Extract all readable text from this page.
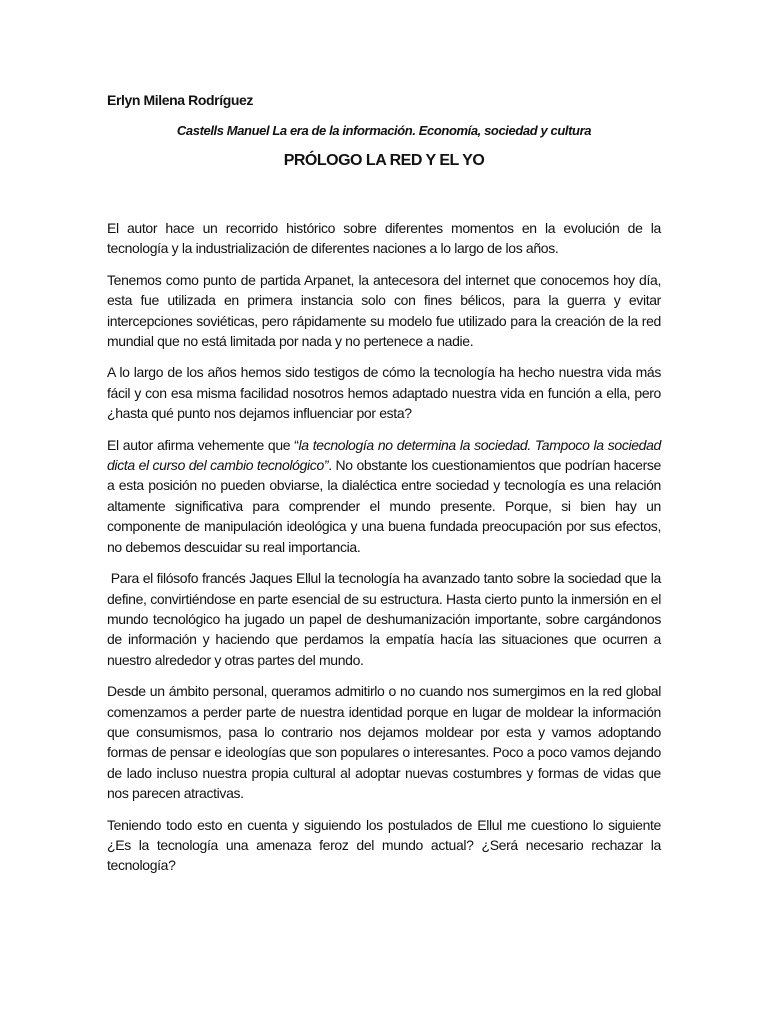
Erlyn Milena Rodríguez
Castells Manuel La era de la información. Economía, sociedad y cultura
PRÓLOGO LA RED Y EL YO

El autor hace un recorrido histórico sobre diferentes momentos en la evolución de la tecnología y la industrialización de diferentes naciones a lo largo de los años.

Tenemos como punto de partida Arpanet, la antecesora del internet que conocemos hoy día, esta fue utilizada en primera instancia solo con fines bélicos, para la guerra y evitar intercepciones soviéticas, pero rápidamente su modelo fue utilizado para la creación de la red mundial que no está limitada por nada y no pertenece a nadie.

A lo largo de los años hemos sido testigos de cómo la tecnología ha hecho nuestra vida más fácil y con esa misma facilidad nosotros hemos adaptado nuestra vida en función a ella, pero ¿hasta qué punto nos dejamos influenciar por esta?

El autor afirma vehemente que “la tecnología no determina la sociedad. Tampoco la sociedad dicta el curso del cambio tecnológico”. No obstante los cuestionamientos que podrían hacerse a esta posición no pueden obviarse, la dialéctica entre sociedad y tecnología es una relación altamente significativa para comprender el mundo presente. Porque, si bien hay un componente de manipulación ideológica y una buena fundada preocupación por sus efectos, no debemos descuidar su real importancia.

Para el filósofo francés Jaques Ellul la tecnología ha avanzado tanto sobre la sociedad que la define, convirtiéndose en parte esencial de su estructura. Hasta cierto punto la inmersión en el mundo tecnológico ha jugado un papel de deshumanización importante, sobre cargándonos de información y haciendo que perdamos la empatía hacía las situaciones que ocurren a nuestro alrededor y otras partes del mundo.

Desde un ámbito personal, queramos admitirlo o no cuando nos sumergimos en la red global comenzamos a perder parte de nuestra identidad porque en lugar de moldear la información que consumismos, pasa lo contrario nos dejamos moldear por esta y vamos adoptando formas de pensar e ideologías que son populares o interesantes. Poco a poco vamos dejando de lado incluso nuestra propia cultural al adoptar nuevas costumbres y formas de vidas que nos parecen atractivas.

Teniendo todo esto en cuenta y siguiendo los postulados de Ellul me cuestiono lo siguiente ¿Es la tecnología una amenaza feroz del mundo actual? ¿Será necesario rechazar la tecnología?
